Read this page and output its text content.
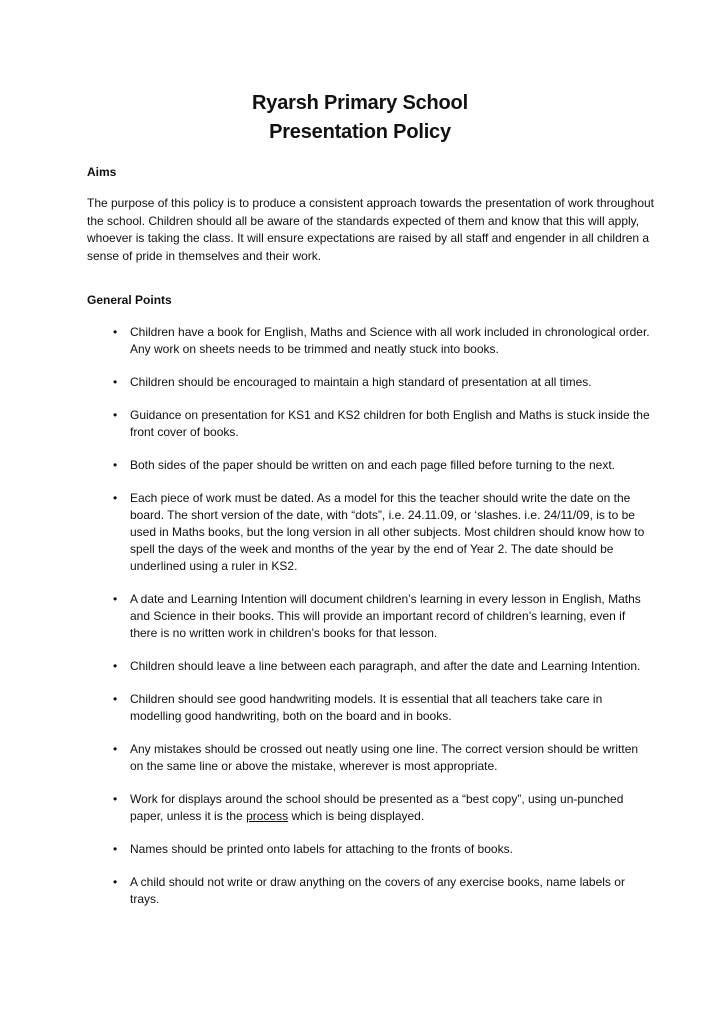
Ryarsh Primary School
Presentation Policy
Aims
The purpose of this policy is to produce a consistent approach towards the presentation of work throughout the school. Children should all be aware of the standards expected of them and know that this will apply, whoever is taking the class. It will ensure expectations are raised by all staff and engender in all children a sense of pride in themselves and their work.
General Points
• Children have a book for English, Maths and Science with all work included in chronological order. Any work on sheets needs to be trimmed and neatly stuck into books.
• Children should be encouraged to maintain a high standard of presentation at all times.
• Guidance on presentation for KS1 and KS2 children for both English and Maths is stuck inside the front cover of books.
• Both sides of the paper should be written on and each page filled before turning to the next.
• Each piece of work must be dated. As a model for this the teacher should write the date on the board. The short version of the date, with “dots”, i.e. 24.11.09, or ‘slashes. i.e. 24/11/09, is to be used in Maths books, but the long version in all other subjects. Most children should know how to spell the days of the week and months of the year by the end of Year 2. The date should be underlined using a ruler in KS2.
• A date and Learning Intention will document children’s learning in every lesson in English, Maths and Science in their books. This will provide an important record of children’s learning, even if there is no written work in children’s books for that lesson.
• Children should leave a line between each paragraph, and after the date and Learning Intention.
• Children should see good handwriting models. It is essential that all teachers take care in modelling good handwriting, both on the board and in books.
• Any mistakes should be crossed out neatly using one line. The correct version should be written on the same line or above the mistake, wherever is most appropriate.
• Work for displays around the school should be presented as a “best copy”, using un-punched paper, unless it is the process which is being displayed.
• Names should be printed onto labels for attaching to the fronts of books.
• A child should not write or draw anything on the covers of any exercise books, name labels or trays.
